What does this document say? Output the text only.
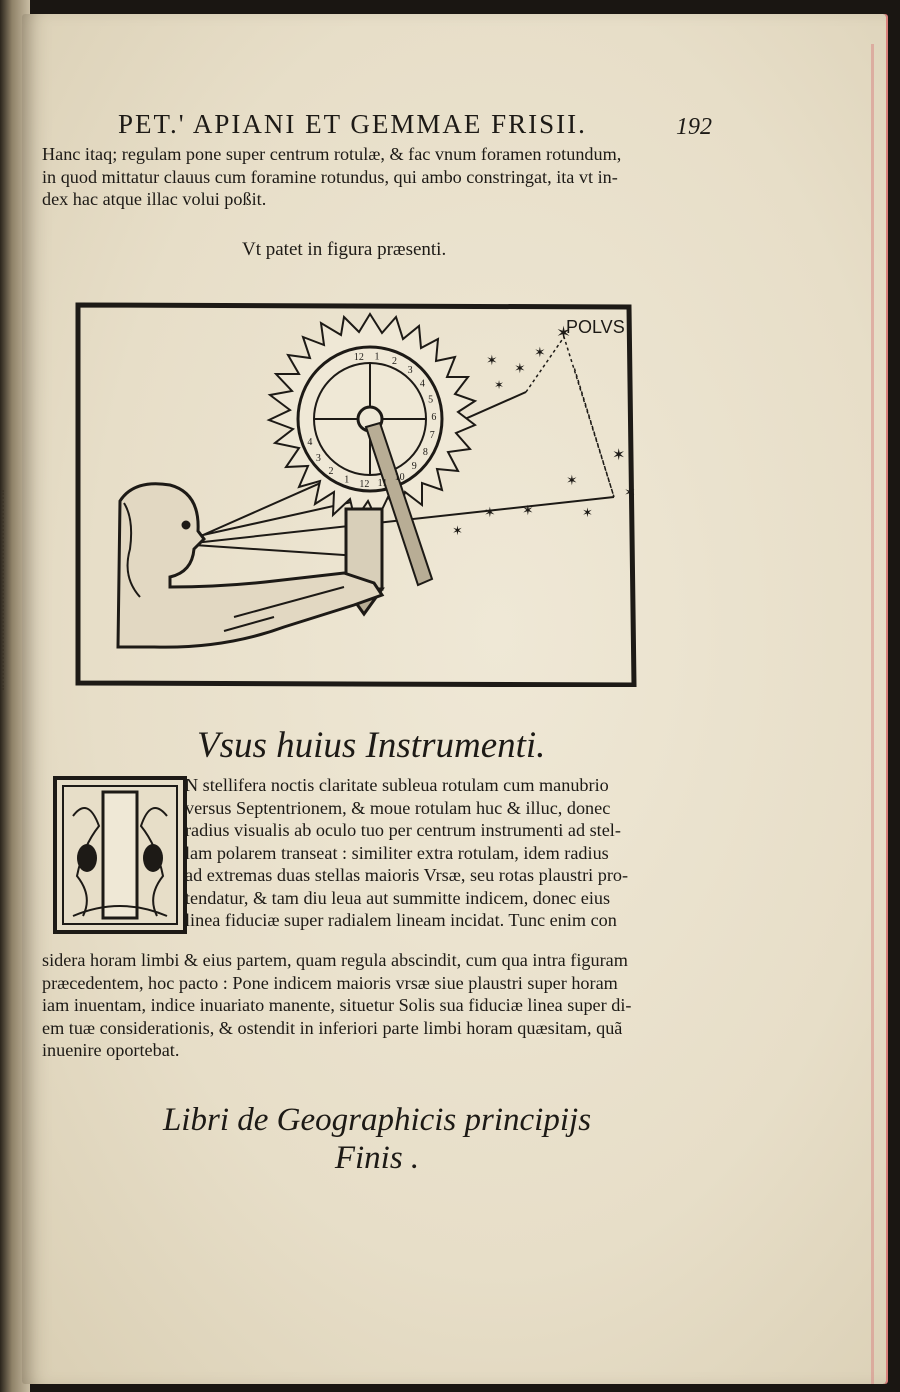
PET.' APIANI ET GEMMAE FRISII.	192
Hanc itaq; regulam pone super centrum rotulæ, & fac vnum foramen rotundum,
in quod mittatur clauus cum foramine rotundus, qui ambo constringat, ita vt in-
dex hac atque illac volui poßit.
Vt patet in figura præsenti.
✶
✶
✶
✶
✶
✶
✶
✶
✶ ✶	✶
✶
POLVS
12 1 2
3
4
5
6
7
8
9
10
11
12
1
2
3
4
Vsus huius Instrumenti.
N stellifera noctis claritate subleua rotulam cum manubrio
versus Septentrionem, & moue rotulam huc & illuc, donec
radius visualis ab oculo tuo per centrum instrumenti ad stel-
lam polarem transeat : similiter extra rotulam, idem radius
ad extremas duas stellas maioris Vrsæ, seu rotas plaustri pro-
tendatur, & tam diu leua aut summitte indicem, donec eius
linea fiduciæ super radialem lineam incidat. Tunc enim con
sidera horam limbi & eius partem, quam regula abscindit, cum qua intra figuram
præcedentem, hoc pacto : Pone indicem maioris vrsæ siue plaustri super horam
iam inuentam, indice inuariato manente, situetur Solis sua fiduciæ linea super di-
em tuæ considerationis, & ostendit in inferiori parte limbi horam quæsitam, quã
inuenire oportebat.
Libri de Geographicis principijs
Finis .
